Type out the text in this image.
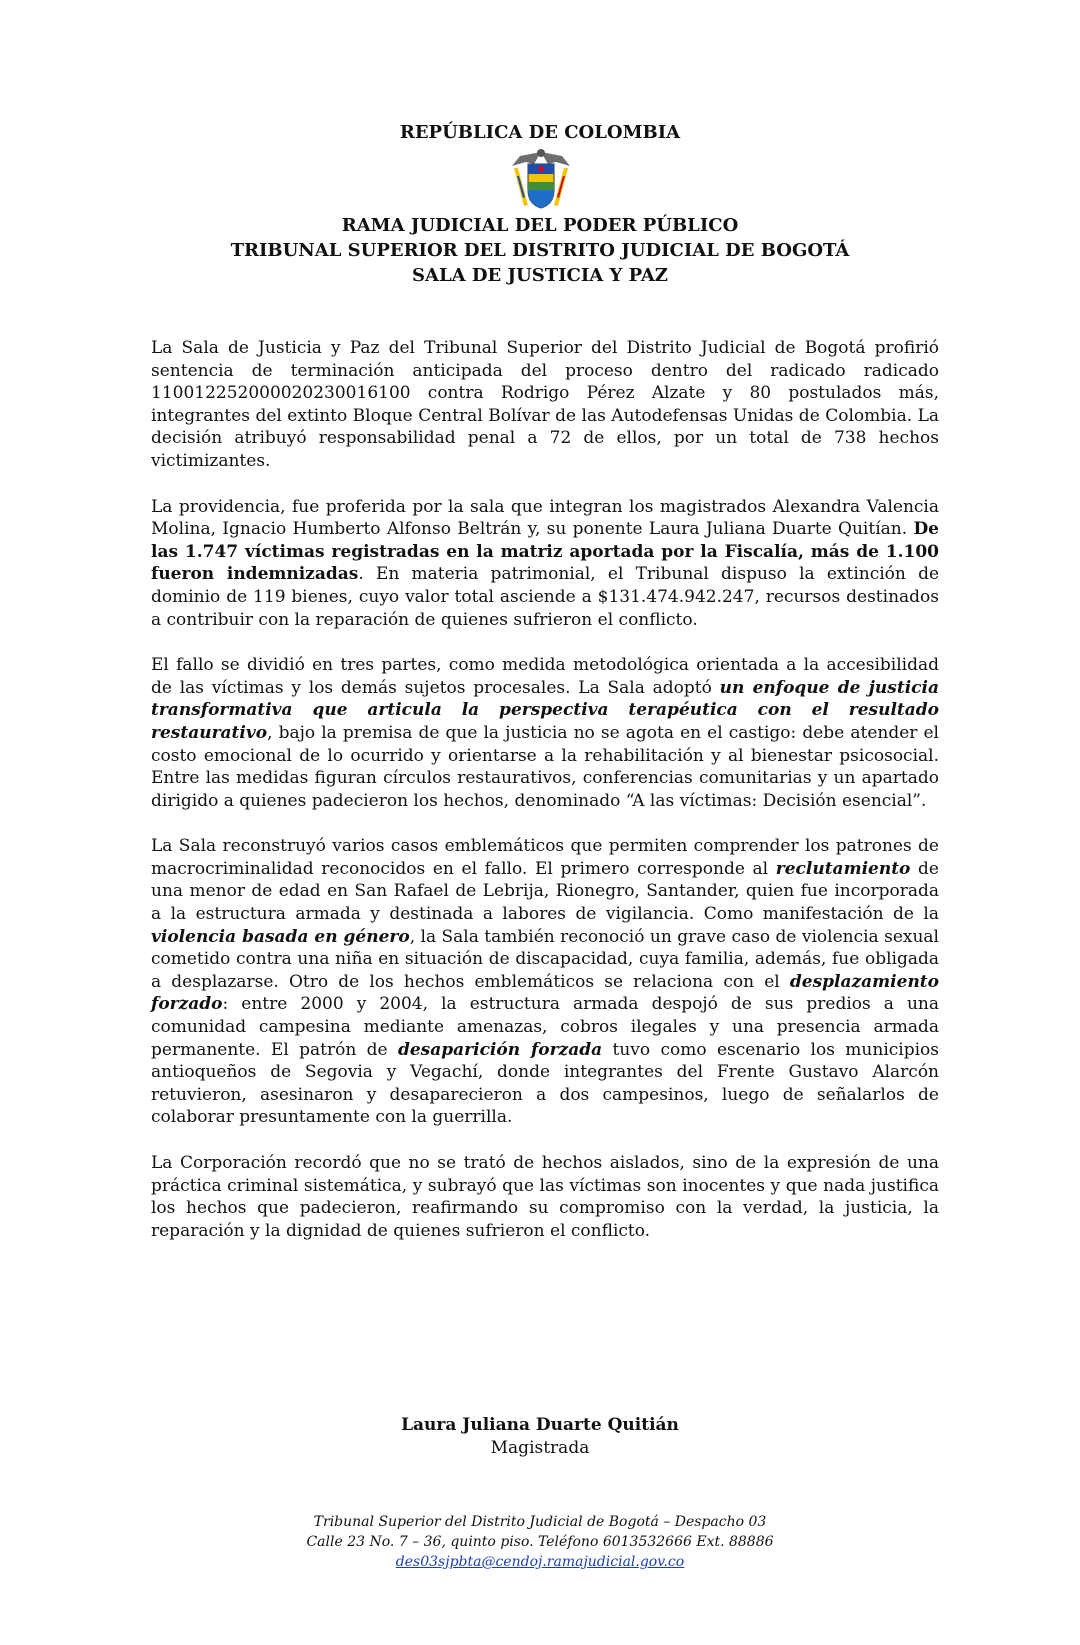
REPÚBLICA DE COLOMBIA
RAMA JUDICIAL DEL PODER PÚBLICO
TRIBUNAL SUPERIOR DEL DISTRITO JUDICIAL DE BOGOTÁ
SALA DE JUSTICIA Y PAZ

La Sala de Justicia y Paz del Tribunal Superior del Distrito Judicial de Bogotá profirió sentencia de terminación anticipada del proceso dentro del radicado radicado 110012252000020230016100 contra Rodrigo Pérez Alzate y 80 postulados más, integrantes del extinto Bloque Central Bolívar de las Autodefensas Unidas de Colombia. La decisión atribuyó responsabilidad penal a 72 de ellos, por un total de 738 hechos victimizantes.

La providencia, fue proferida por la sala que integran los magistrados Alexandra Valencia Molina, Ignacio Humberto Alfonso Beltrán y, su ponente Laura Juliana Duarte Quitían. De las 1.747 víctimas registradas en la matriz aportada por la Fiscalía, más de 1.100 fueron indemnizadas. En materia patrimonial, el Tribunal dispuso la extinción de dominio de 119 bienes, cuyo valor total asciende a $131.474.942.247, recursos destinados a contribuir con la reparación de quienes sufrieron el conflicto.

El fallo se dividió en tres partes, como medida metodológica orientada a la accesibilidad de las víctimas y los demás sujetos procesales. La Sala adoptó un enfoque de justicia transformativa que articula la perspectiva terapéutica con el resultado restaurativo, bajo la premisa de que la justicia no se agota en el castigo: debe atender el costo emocional de lo ocurrido y orientarse a la rehabilitación y al bienestar psicosocial. Entre las medidas figuran círculos restaurativos, conferencias comunitarias y un apartado dirigido a quienes padecieron los hechos, denominado “A las víctimas: Decisión esencial”.

La Sala reconstruyó varios casos emblemáticos que permiten comprender los patrones de macrocriminalidad reconocidos en el fallo. El primero corresponde al reclutamiento de una menor de edad en San Rafael de Lebrija, Rionegro, Santander, quien fue incorporada a la estructura armada y destinada a labores de vigilancia. Como manifestación de la violencia basada en género, la Sala también reconoció un grave caso de violencia sexual cometido contra una niña en situación de discapacidad, cuya familia, además, fue obligada a desplazarse. Otro de los hechos emblemáticos se relaciona con el desplazamiento forzado: entre 2000 y 2004, la estructura armada despojó de sus predios a una comunidad campesina mediante amenazas, cobros ilegales y una presencia armada permanente. El patrón de desaparición forzada tuvo como escenario los municipios antioqueños de Segovia y Vegachí, donde integrantes del Frente Gustavo Alarcón retuvieron, asesinaron y desaparecieron a dos campesinos, luego de señalarlos de colaborar presuntamente con la guerrilla.

La Corporación recordó que no se trató de hechos aislados, sino de la expresión de una práctica criminal sistemática, y subrayó que las víctimas son inocentes y que nada justifica los hechos que padecieron, reafirmando su compromiso con la verdad, la justicia, la reparación y la dignidad de quienes sufrieron el conflicto.

Laura Juliana Duarte Quitián
Magistrada
Tribunal Superior del Distrito Judicial de Bogotá – Despacho 03
Calle 23 No. 7 – 36, quinto piso. Teléfono 6013532666 Ext. 88886
des03sjpbta@cendoj.ramajudicial.gov.co
